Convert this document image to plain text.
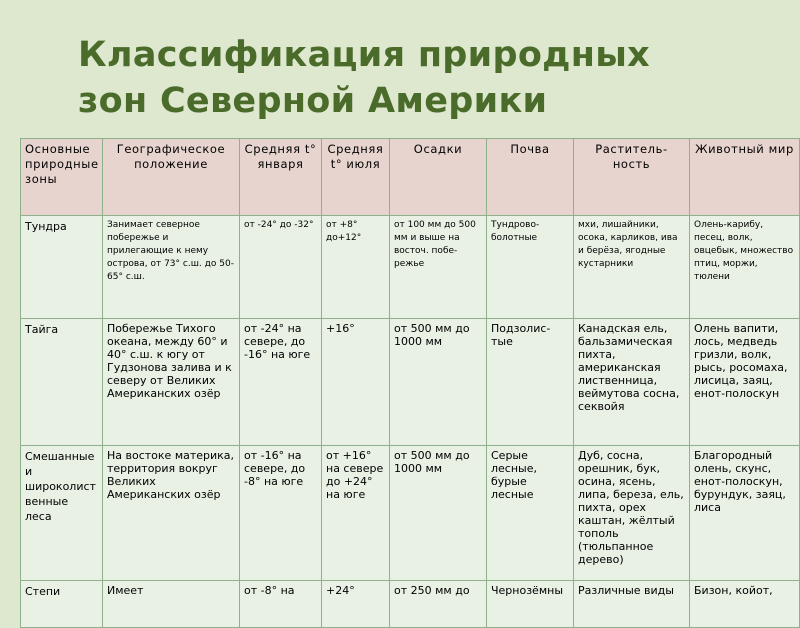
Классификация природных
зон Северной Америки
Основные природные зоны	Географическое положение	Средняя t° января	Средняя t° июля	Осадки	Почва	Раститель-ность	Животный мир
Тундра	Занимает северное побережье и прилегающие к нему острова, от 73° с.ш. до 50-65° с.ш.	от -24° до -32°	от +8° до+12°	от 100 мм до 500 мм и выше на восточ. побе-режье	Тундрово-болотные	мхи, лишайники, осока, карликов, ива и берёза, ягодные кустарники	Олень-карибу, песец, волк, овцебык, множество птиц, моржи, тюлени
Тайга	Побережье Тихого океана, между 60° и 40° с.ш. к югу от Гудзонова залива и к северу от Великих Американских озёр	от -24° на севере, до -16° на юге	+16°	от 500 мм до 1000 мм	Подзолис-тые	Канадская ель, бальзамическая пихта, американская лиственница, веймутова сосна, секвойя	Олень вапити, лось, медведь гризли, волк, рысь, росомаха, лисица, заяц, енот-полоскун
Смешанные и широколиственные леса	На востоке материка, территория вокруг Великих Американских озёр	от -16° на севере, до -8° на юге	от +16° на севере до +24° на юге	от 500 мм до 1000 мм	Серые лесные, бурые лесные	Дуб, сосна, орешник, бук, осина, ясень, липа, береза, ель, пихта, орех каштан, жёлтый тополь (тюльпанное дерево)	Благородный олень, скунс, енот-полоскун, бурундук, заяц, лиса
Степи	Имеет	от -8° на	+24°	от 250 мм до	Чернозёмны	Различные виды	Бизон, койот,
